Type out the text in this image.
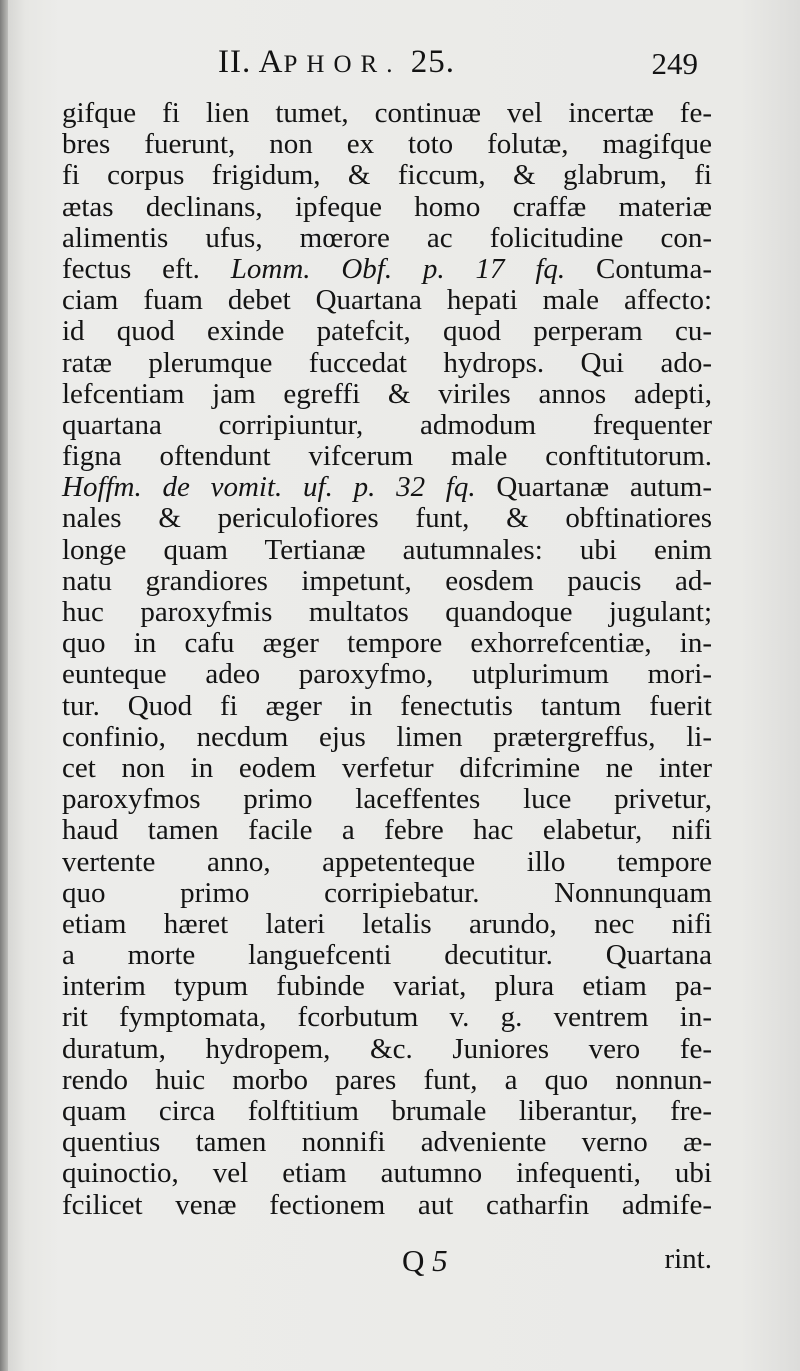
II. APHOR. 25.	249
gifque fi lien tumet, continuæ vel incertæ fe-
bres fuerunt, non ex toto folutæ, magifque
fi corpus frigidum, & ficcum, & glabrum, fi
ætas declinans, ipfeque homo craffæ materiæ
alimentis ufus, mœrore ac folicitudine con-
fectus eft. Lomm. Obf. p. 17 fq. Contuma-
ciam fuam debet Quartana hepati male affecto:
id quod exinde patefcit, quod perperam cu-
ratæ plerumque fuccedat hydrops. Qui ado-
lefcentiam jam egreffi & viriles annos adepti,
quartana corripiuntur, admodum frequenter
figna oftendunt vifcerum male conftitutorum.
Hoffm. de vomit. uf. p. 32 fq. Quartanæ autum-
nales & periculofiores funt, & obftinatiores
longe quam Tertianæ autumnales: ubi enim
natu grandiores impetunt, eosdem paucis ad-
huc paroxyfmis multatos quandoque jugulant;
quo in cafu æger tempore exhorrefcentiæ, in-
eunteque adeo paroxyfmo, utplurimum mori-
tur. Quod fi æger in fenectutis tantum fuerit
confinio, necdum ejus limen prætergreffus, li-
cet non in eodem verfetur difcrimine ne inter
paroxyfmos primo laceffentes luce privetur,
haud tamen facile a febre hac elabetur, nifi
vertente anno, appetenteque illo tempore
quo primo corripiebatur. Nonnunquam
etiam hæret lateri letalis arundo, nec nifi
a morte languefcenti decutitur. Quartana
interim typum fubinde variat, plura etiam pa-
rit fymptomata, fcorbutum v. g. ventrem in-
duratum, hydropem, &c. Juniores vero fe-
rendo huic morbo pares funt, a quo nonnun-
quam circa folftitium brumale liberantur, fre-
quentius tamen nonnifi adveniente verno æ-
quinoctio, vel etiam autumno infequenti, ubi
fcilicet venæ fectionem aut catharfin admife-
Q 5	rint.
